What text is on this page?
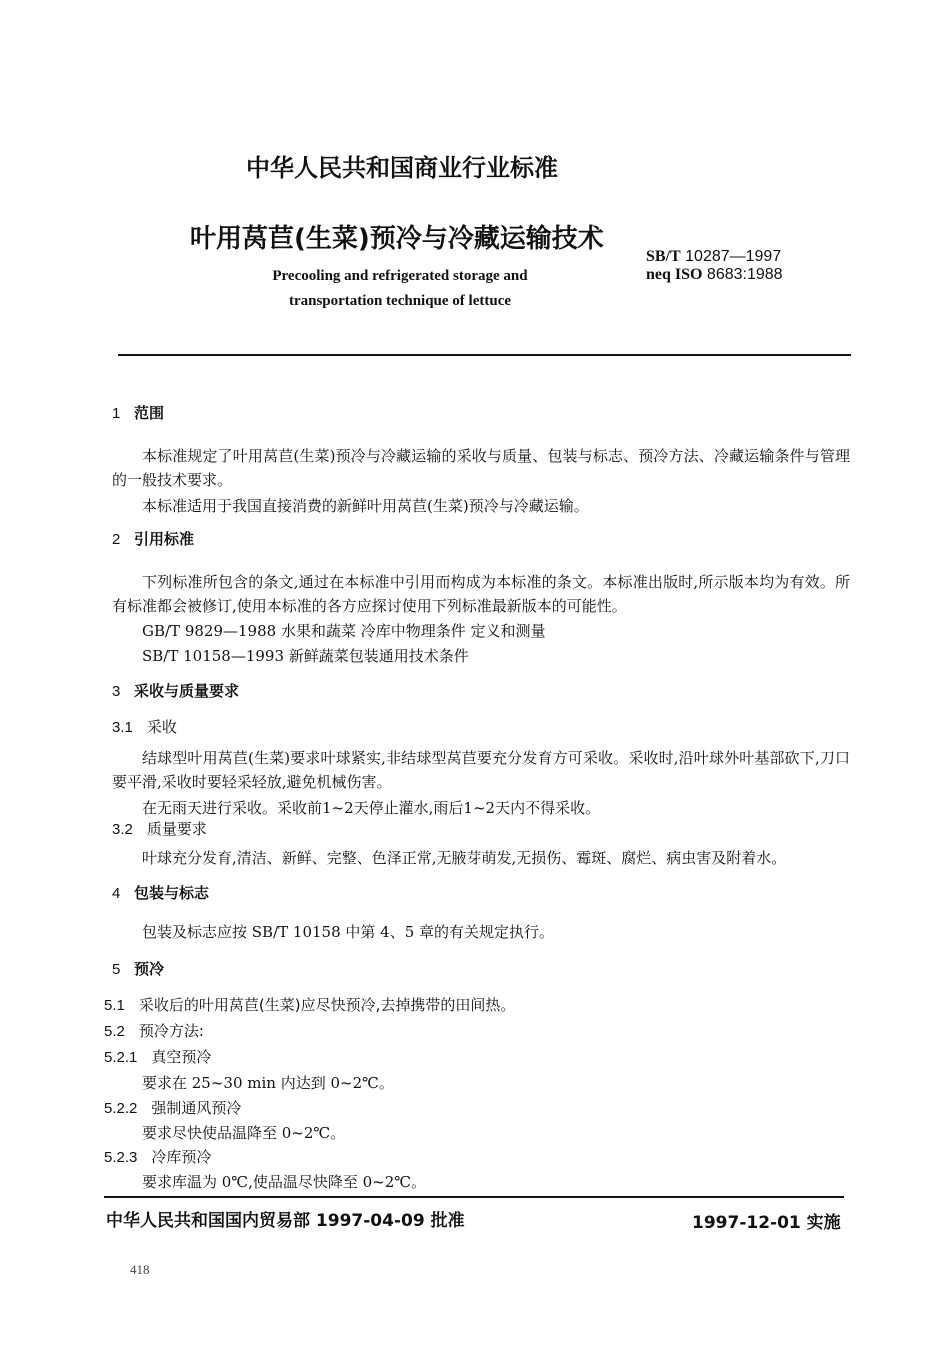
中华人民共和国商业行业标准
叶用莴苣(生菜)预冷与冷藏运输技术
Precooling and refrigerated storage and
transportation technique of lettuce
SB/T 10287—1997
neq ISO 8683:1988
1 范围
本标准规定了叶用莴苣(生菜)预冷与冷藏运输的采收与质量、包装与标志、预冷方法、冷藏运输条件与管理的一般技术要求。
本标准适用于我国直接消费的新鲜叶用莴苣(生菜)预冷与冷藏运输。
2 引用标准
下列标准所包含的条文,通过在本标准中引用而构成为本标准的条文。本标准出版时,所示版本均为有效。所有标准都会被修订,使用本标准的各方应探讨使用下列标准最新版本的可能性。
GB/T 9829—1988 水果和蔬菜 冷库中物理条件 定义和测量
SB/T 10158—1993 新鲜蔬菜包装通用技术条件
3 采收与质量要求
3.1 采收
结球型叶用莴苣(生菜)要求叶球紧实,非结球型莴苣要充分发育方可采收。采收时,沿叶球外叶基部砍下,刀口要平滑,采收时要轻采轻放,避免机械伤害。
在无雨天进行采收。采收前1~2天停止灌水,雨后1~2天内不得采收。
3.2 质量要求
叶球充分发育,清洁、新鲜、完整、色泽正常,无腋芽萌发,无损伤、霉斑、腐烂、病虫害及附着水。
4 包装与标志
包装及标志应按 SB/T 10158 中第 4、5 章的有关规定执行。
5 预冷
5.1 采收后的叶用莴苣(生菜)应尽快预冷,去掉携带的田间热。
5.2 预冷方法:
5.2.1 真空预冷
要求在 25~30 min 内达到 0~2℃。
5.2.2 强制通风预冷
要求尽快使品温降至 0~2℃。
5.2.3 冷库预冷
要求库温为 0℃,使品温尽快降至 0~2℃。
中华人民共和国国内贸易部 1997-04-09 批准	1997-12-01 实施
418
